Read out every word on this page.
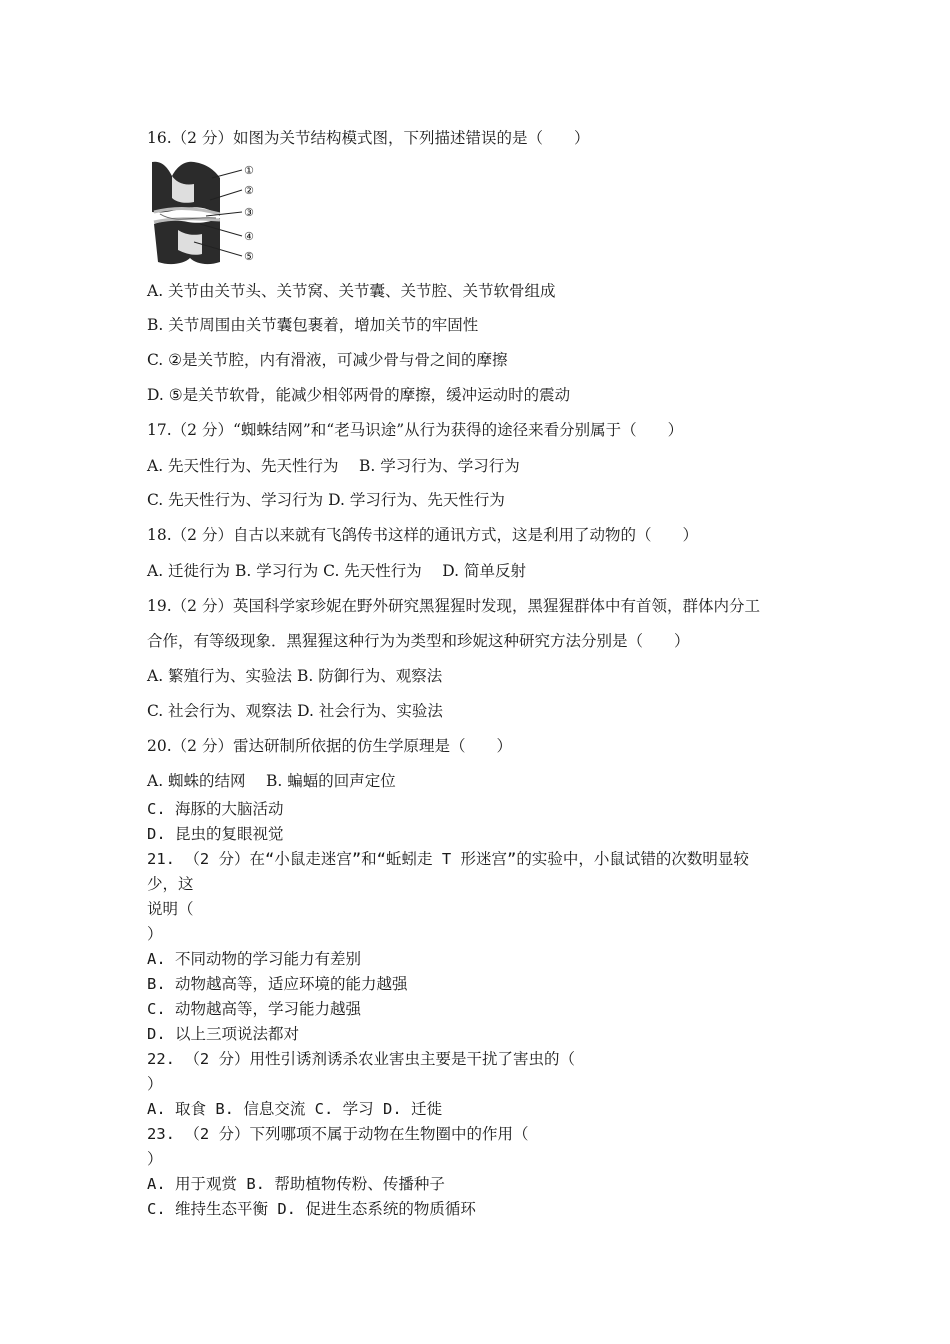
16.（2 分）如图为关节结构模式图，下列描述错误的是（　　）
①
②
③
④
⑤
A. 关节由关节头、关节窝、关节囊、关节腔、关节软骨组成
B. 关节周围由关节囊包裹着，增加关节的牢固性
C. ②是关节腔，内有滑液，可减少骨与骨之间的摩擦
D. ⑤是关节软骨，能减少相邻两骨的摩擦，缓冲运动时的震动
17.（2 分）“蜘蛛结网”和“老马识途”从行为获得的途径来看分别属于（　　）
A. 先天性行为、先天性行为　 B. 学习行为、学习行为
C. 先天性行为、学习行为 D. 学习行为、先天性行为
18.（2 分）自古以来就有飞鸽传书这样的通讯方式，这是利用了动物的（　　）
A. 迁徙行为 B. 学习行为 C. 先天性行为　 D. 简单反射
19.（2 分）英国科学家珍妮在野外研究黑猩猩时发现，黑猩猩群体中有首领，群体内分工
合作，有等级现象．黑猩猩这种行为为类型和珍妮这种研究方法分别是（　　）
A. 繁殖行为、实验法 B. 防御行为、观察法
C. 社会行为、观察法 D. 社会行为、实验法
20.（2 分）雷达研制所依据的仿生学原理是（　　）
A. 蜘蛛的结网　 B. 蝙蝠的回声定位
C. 海豚的大脑活动
D. 昆虫的复眼视觉
21. （2 分）在“小鼠走迷宫”和“蚯蚓走 T 形迷宫”的实验中，小鼠试错的次数明显较
少，这
说明（
）
A. 不同动物的学习能力有差别
B. 动物越高等，适应环境的能力越强
C. 动物越高等，学习能力越强
D. 以上三项说法都对
22. （2 分）用性引诱剂诱杀农业害虫主要是干扰了害虫的（
）
A. 取食 B. 信息交流 C. 学习 D. 迁徙
23. （2 分）下列哪项不属于动物在生物圈中的作用（
）
A. 用于观赏 B. 帮助植物传粉、传播种子
C. 维持生态平衡 D. 促进生态系统的物质循环
